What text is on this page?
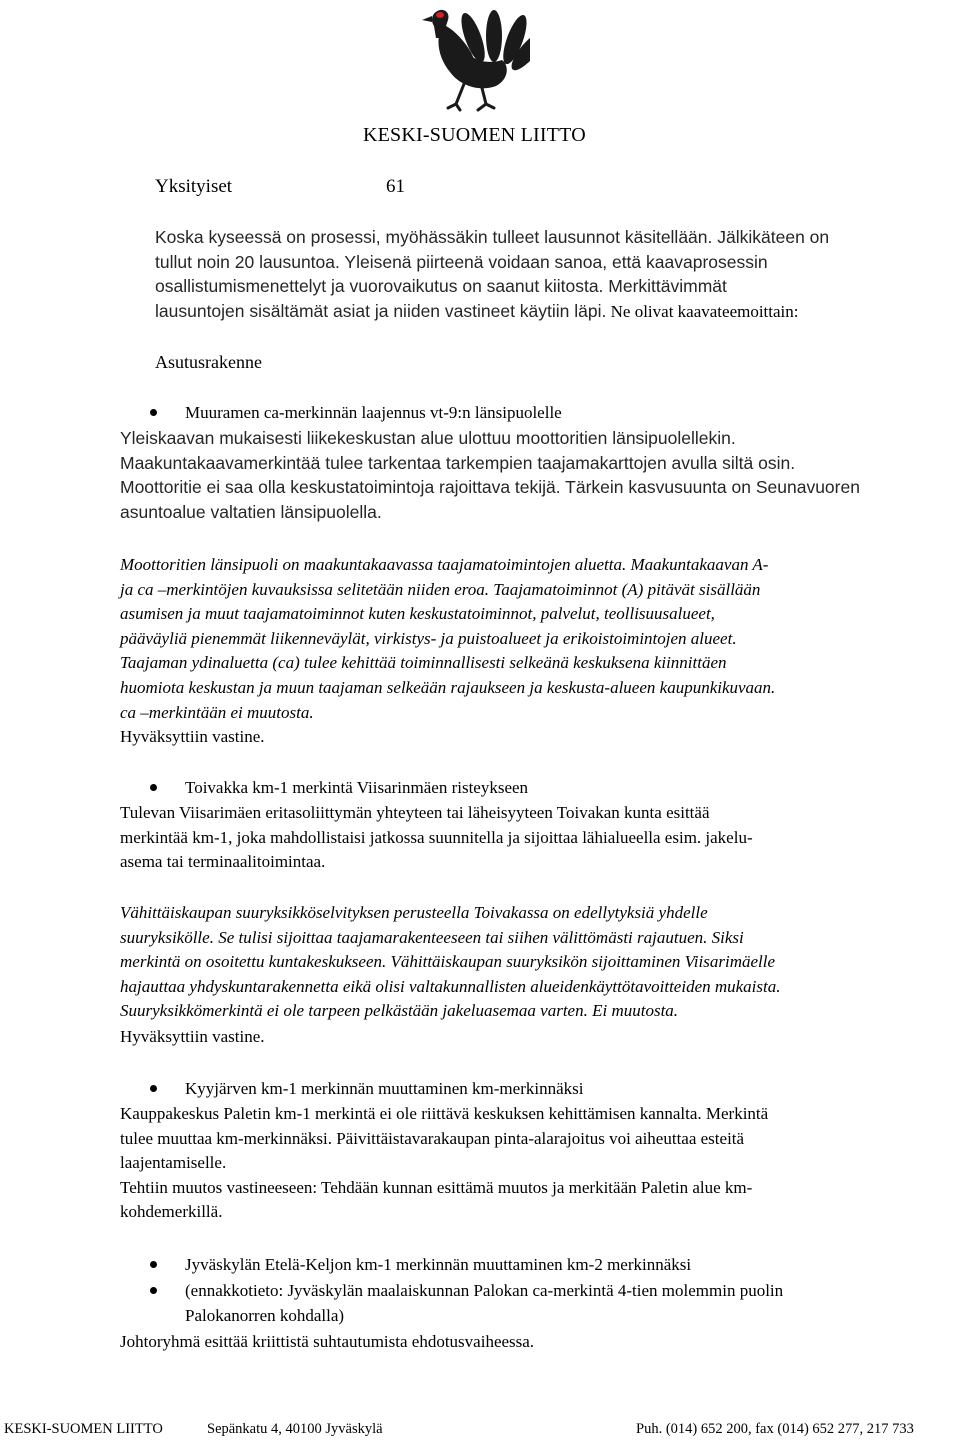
KESKI-SUOMEN LIITTO
Yksityiset	61
Koska kyseessä on prosessi, myöhässäkin tulleet lausunnot käsitellään. Jälkikäteen on
tullut noin 20 lausuntoa. Yleisenä piirteenä voidaan sanoa, että kaavaprosessin
osallistumismenettelyt ja vuorovaikutus on saanut kiitosta. Merkittävimmät
lausuntojen sisältämät asiat ja niiden vastineet käytiin läpi. Ne olivat kaavateemoittain:
Asutusrakenne
Muuramen ca-merkinnän laajennus vt-9:n länsipuolelle
Yleiskaavan mukaisesti liikekeskustan alue ulottuu moottoritien länsipuolellekin.
Maakuntakaavamerkintää tulee tarkentaa tarkempien taajamakarttojen avulla siltä osin.
Moottoritie ei saa olla keskustatoimintoja rajoittava tekijä. Tärkein kasvusuunta on Seunavuoren
asuntoalue valtatien länsipuolella.
Moottoritien länsipuoli on maakuntakaavassa taajamatoimintojen aluetta. Maakuntakaavan A-
ja ca –merkintöjen kuvauksissa selitetään niiden eroa. Taajamatoiminnot (A) pitävät sisällään
asumisen ja muut taajamatoiminnot kuten keskustatoiminnot, palvelut, teollisuusalueet,
pääväyliä pienemmät liikenneväylät, virkistys- ja puistoalueet ja erikoistoimintojen alueet.
Taajaman ydinaluetta (ca) tulee kehittää toiminnallisesti selkeänä keskuksena kiinnittäen
huomiota keskustan ja muun taajaman selkeään rajaukseen ja keskusta-alueen kaupunkikuvaan.
ca –merkintään ei muutosta.
Hyväksyttiin vastine.
Toivakka km-1 merkintä Viisarinmäen risteykseen
Tulevan Viisarimäen eritasoliittymän yhteyteen tai läheisyyteen Toivakan kunta esittää
merkintää km-1, joka mahdollistaisi jatkossa suunnitella ja sijoittaa lähialueella esim. jakelu-
asema tai terminaalitoimintaa.
Vähittäiskaupan suuryksikköselvityksen perusteella Toivakassa on edellytyksiä yhdelle
suuryksikölle. Se tulisi sijoittaa taajamarakenteeseen tai siihen välittömästi rajautuen. Siksi
merkintä on osoitettu kuntakeskukseen. Vähittäiskaupan suuryksikön sijoittaminen Viisarimäelle
hajauttaa yhdyskuntarakennetta eikä olisi valtakunnallisten alueidenkäyttötavoitteiden mukaista.
Suuryksikkömerkintä ei ole tarpeen pelkästään jakeluasemaa varten. Ei muutosta.
Hyväksyttiin vastine.
Kyyjärven km-1 merkinnän muuttaminen km-merkinnäksi
Kauppakeskus Paletin km-1 merkintä ei ole riittävä keskuksen kehittämisen kannalta. Merkintä
tulee muuttaa km-merkinnäksi. Päivittäistavarakaupan pinta-alarajoitus voi aiheuttaa esteitä
laajentamiselle.
Tehtiin muutos vastineeseen: Tehdään kunnan esittämä muutos ja merkitään Paletin alue km-
kohdemerkillä.
Jyväskylän Etelä-Keljon km-1 merkinnän muuttaminen km-2 merkinnäksi
(ennakkotieto: Jyväskylän maalaiskunnan Palokan ca-merkintä 4-tien molemmin puolin
Palokanorren kohdalla)
Johtoryhmä esittää kriittistä suhtautumista ehdotusvaiheessa.
KESKI-SUOMEN LIITTO	Sepänkatu 4, 40100 Jyväskylä	Puh. (014) 652 200, fax (014) 652 277, 217 733
